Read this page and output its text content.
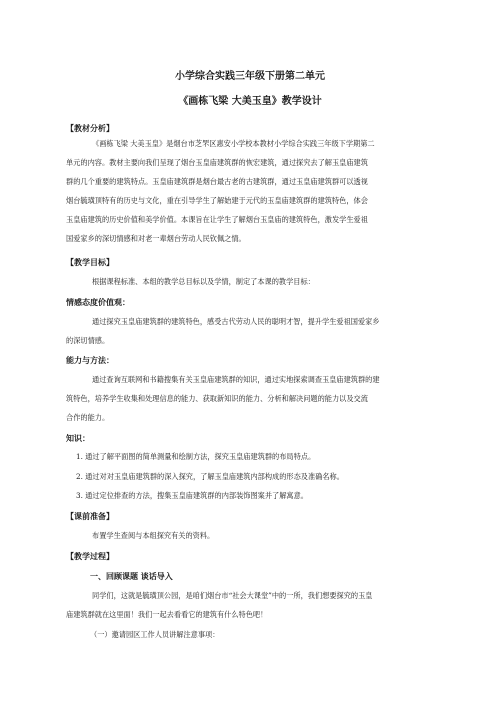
小学综合实践三年级下册第二单元
《画栋飞梁 大美玉皇》教学设计
【教材分析】
《画栋飞梁 大美玉皇》是烟台市芝罘区惠安小学校本教材小学综合实践三年级下学期第二
单元的内容。教材主要向我们呈现了烟台玉皇庙建筑群的恢宏建筑，通过探究去了解玉皇庙建筑
群的几个重要的建筑特点。玉皇庙建筑群是烟台最古老的古建筑群，通过玉皇庙建筑群可以透视
烟台毓璜顶特有的历史与文化，重在引导学生了解始建于元代的玉皇庙建筑群的建筑特色，体会
玉皇庙建筑的历史价值和美学价值。本课旨在让学生了解烟台玉皇庙的建筑特色，激发学生爱祖
国爱家乡的深切情感和对老一辈烟台劳动人民钦佩之情。
【教学目标】
根据课程标准、本组的教学总目标以及学情，制定了本课的教学目标：
情感态度价值观：
通过探究玉皇庙建筑群的建筑特色，感受古代劳动人民的聪明才智，提升学生爱祖国爱家乡
的深切情感。
能力与方法：
通过查询互联网和书籍搜集有关玉皇庙建筑群的知识，通过实地探索调查玉皇庙建筑群的建
筑特色，培养学生收集和处理信息的能力、获取新知识的能力、分析和解决问题的能力以及交流
合作的能力。
知识：
1. 通过了解平面图的简单测量和绘制方法，探究玉皇庙建筑群的布局特点。
2. 通过对对玉皇庙建筑群的深入探究，了解玉皇庙建筑内部构成的形态及准确名称。
3. 通过定位排查的方法，搜集玉皇庙建筑群的内部装饰图案并了解寓意。
【课前准备】
布置学生查阅与本组探究有关的资料。
【教学过程】
一、回顾课题 谈话导入
同学们，这就是毓璜顶公园，是咱们烟台市“社会大课堂”中的一所，我们想要探究的玉皇
庙建筑群就在这里面！我们一起去看看它的建筑有什么特色吧！
（一）邀请园区工作人员讲解注意事项：
